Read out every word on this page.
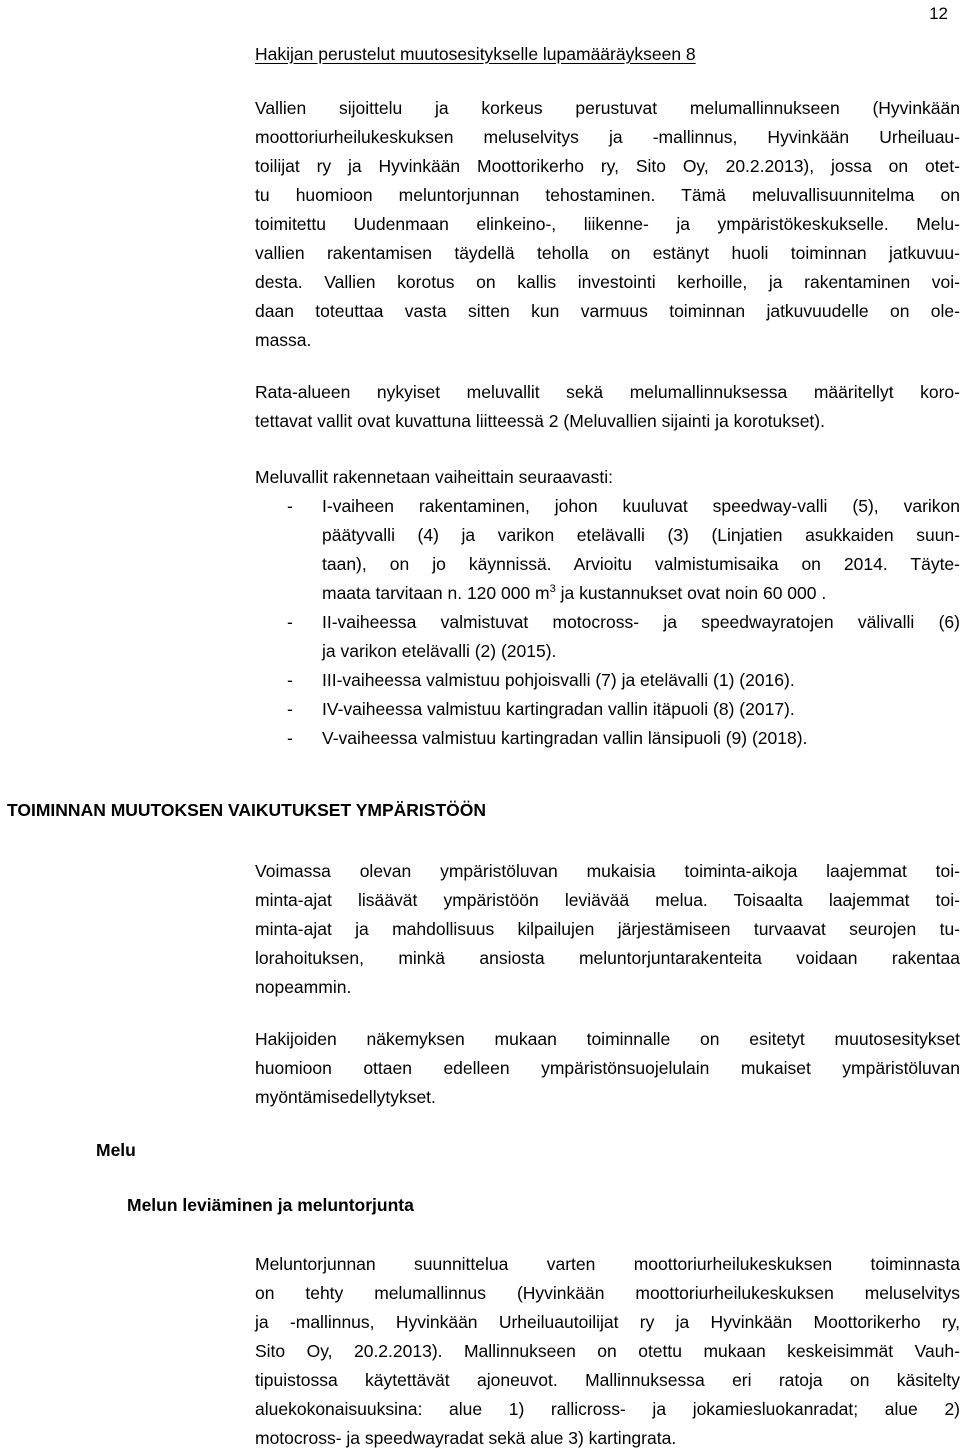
12
Hakijan perustelut muutosesitykselle lupamääräykseen 8
Vallien sijoittelu ja korkeus perustuvat melumallinnukseen (Hyvinkään
moottoriurheilukeskuksen meluselvitys ja -mallinnus, Hyvinkään Urheiluau-
toilijat ry ja Hyvinkään Moottorikerho ry, Sito Oy, 20.2.2013), jossa on otet-
tu huomioon meluntorjunnan tehostaminen. Tämä meluvallisuunnitelma on
toimitettu Uudenmaan elinkeino-, liikenne- ja ympäristökeskukselle. Melu-
vallien rakentamisen täydellä teholla on estänyt huoli toiminnan jatkuvuu-
desta. Vallien korotus on kallis investointi kerhoille, ja rakentaminen voi-
daan toteuttaa vasta sitten kun varmuus toiminnan jatkuvuudelle on ole-
massa.
Rata-alueen nykyiset meluvallit sekä melumallinnuksessa määritellyt koro-
tettavat vallit ovat kuvattuna liitteessä 2 (Meluvallien sijainti ja korotukset).
Meluvallit rakennetaan vaiheittain seuraavasti:
-	I-vaiheen rakentaminen, johon kuuluvat speedway-valli (5), varikon
päätyvalli (4) ja varikon etelävalli (3) (Linjatien asukkaiden suun-
taan), on jo käynnissä. Arvioitu valmistumisaika on 2014. Täyte-
maata tarvitaan n. 120 000 $m^3$ ja kustannukset ovat noin 60 000 .
-	II-vaiheessa valmistuvat motocross- ja speedwayratojen välivalli (6)
ja varikon etelävalli (2) (2015).
-	III-vaiheessa valmistuu pohjoisvalli (7) ja etelävalli (1) (2016).
-	IV-vaiheessa valmistuu kartingradan vallin itäpuoli (8) (2017).
-	V-vaiheessa valmistuu kartingradan vallin länsipuoli (9) (2018).
TOIMINNAN MUUTOKSEN VAIKUTUKSET YMPÄRISTÖÖN
Voimassa olevan ympäristöluvan mukaisia toiminta-aikoja laajemmat toi-
minta-ajat lisäävät ympäristöön leviävää melua. Toisaalta laajemmat toi-
minta-ajat ja mahdollisuus kilpailujen järjestämiseen turvaavat seurojen tu-
lorahoituksen, minkä ansiosta meluntorjuntarakenteita voidaan rakentaa
nopeammin.
Hakijoiden näkemyksen mukaan toiminnalle on esitetyt muutosesitykset
huomioon ottaen edelleen ympäristönsuojelulain mukaiset ympäristöluvan
myöntämisedellytykset.
Melu
Melun leviäminen ja meluntorjunta
Meluntorjunnan suunnittelua varten moottoriurheilukeskuksen toiminnasta
on tehty melumallinnus (Hyvinkään moottoriurheilukeskuksen meluselvitys
ja -mallinnus, Hyvinkään Urheiluautoilijat ry ja Hyvinkään Moottorikerho ry,
Sito Oy, 20.2.2013). Mallinnukseen on otettu mukaan keskeisimmät Vauh-
tipuistossa käytettävät ajoneuvot. Mallinnuksessa eri ratoja on käsitelty
aluekokonaisuuksina: alue 1) rallicross- ja jokamiesluokanradat; alue 2)
motocross- ja speedwayradat sekä alue 3) kartingrata.
